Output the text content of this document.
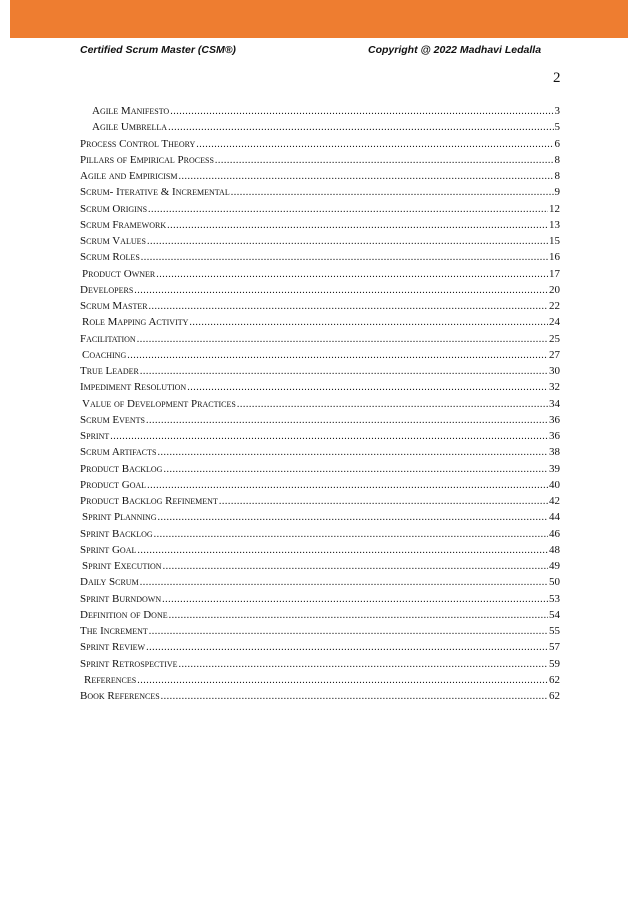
Certified Scrum Master (CSM®)	Copyright @ 2022 Madhavi Ledalla
2
Agile Manifesto .....	3
Agile Umbrella .....	5
Process Control Theory .....	6
Pillars of Empirical Process .....	8
Agile and Empiricism .....	8
Scrum- Iterative & Incremental .....	9
Scrum Origins .....	12
Scrum Framework .....	13
Scrum Values .....	15
Scrum Roles .....	16
Product Owner .....	17
Developers .....	20
Scrum Master .....	22
Role Mapping Activity .....	24
Facilitation .....	25
Coaching .....	27
True Leader .....	30
Impediment Resolution .....	32
Value of Development Practices .....	34
Scrum Events .....	36
Sprint .....	36
Scrum Artifacts .....	38
Product Backlog .....	39
Product Goal .....	40
Product Backlog Refinement .....	42
Sprint Planning .....	44
Sprint Backlog .....	46
Sprint Goal .....	48
Sprint Execution .....	49
Daily Scrum .....	50
Sprint Burndown .....	53
Definition of Done .....	54
The Increment .....	55
Sprint Review .....	57
Sprint Retrospective .....	59
References .....	62
Book References .....	62
